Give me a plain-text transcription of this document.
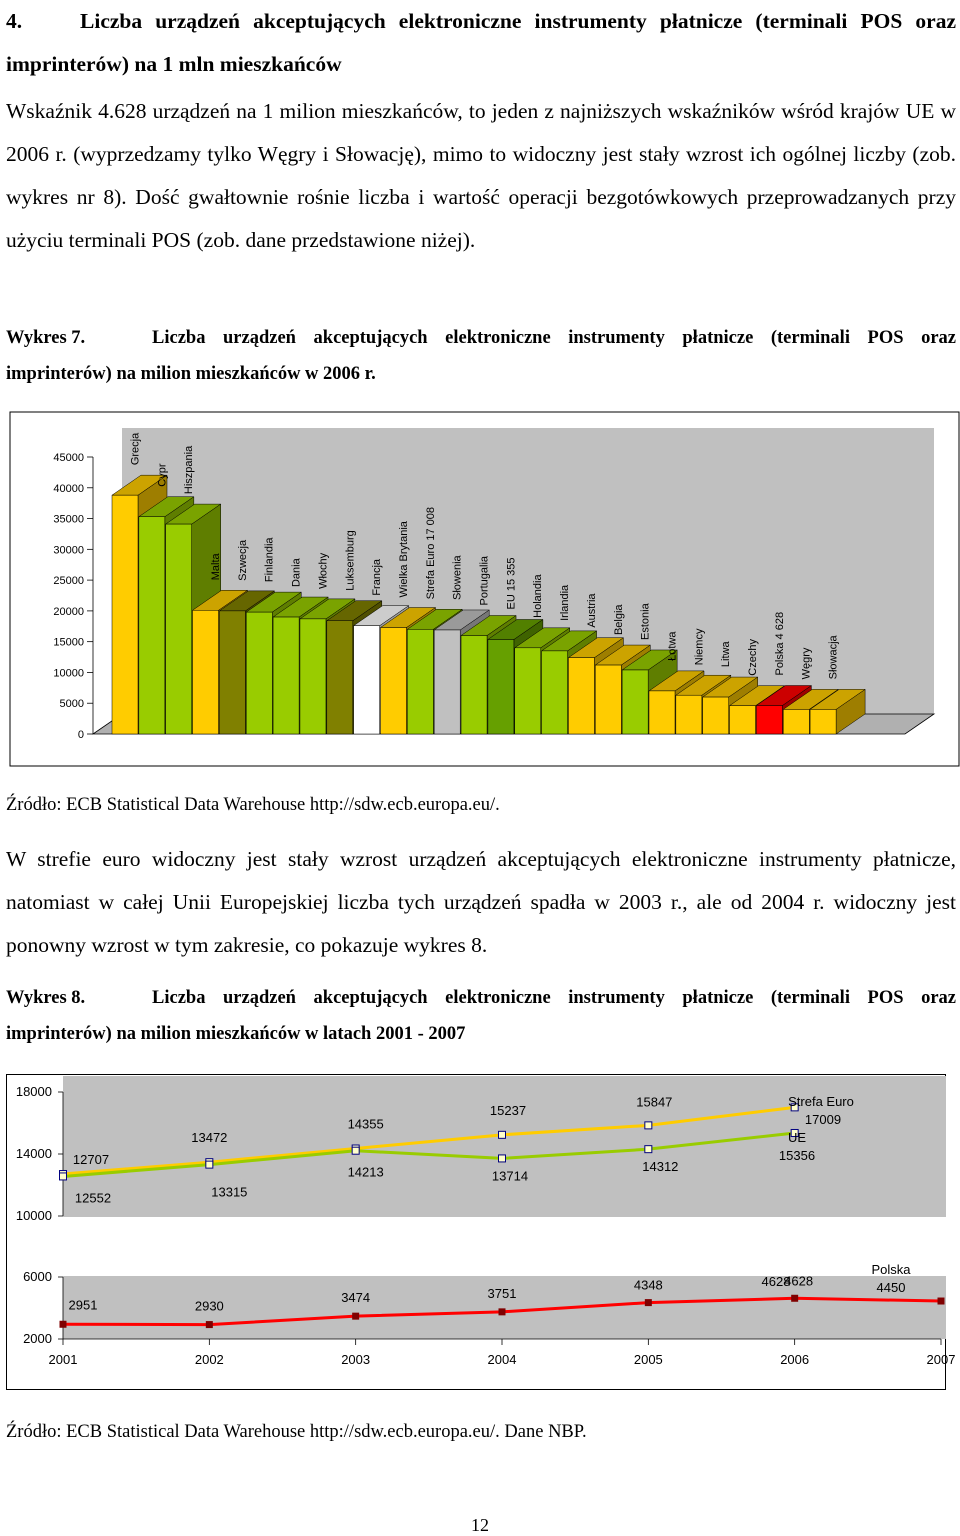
4.	Liczba urządzeń akceptujących elektroniczne instrumenty płatnicze (terminali POS oraz imprinterów) na 1 mln mieszkańców
Wskaźnik 4.628 urządzeń na 1 milion mieszkańców, to jeden z najniższych wskaźników wśród krajów UE w 2006 r. (wyprzedzamy tylko Węgry i Słowację), mimo to widoczny jest stały wzrost ich ogólnej liczby (zob. wykres nr 8). Dość gwałtownie rośnie liczba i wartość operacji bezgotówkowych przeprowadzanych przy użyciu terminali POS (zob. dane przedstawione niżej).
Wykres 7.	Liczba urządzeń akceptujących elektroniczne instrumenty płatnicze (terminali POS oraz imprinterów) na milion mieszkańców w 2006 r.
0
5000
10000
15000
20000
25000
30000
35000
40000
45000	Grecja
Cypr Hiszpania
Malta Szwecja Finlandia Dania Włochy Luksemburg Francja Wielka Brytania Strefa Euro 17 008 Słowenia Portugalia EU 15 355 Holandia Irlandia Austria Belgia Estonia
Łotwa Niemcy Litwa Czechy Polska 4 628 Węgry Słowacja
Źródło: ECB Statistical Data Warehouse http://sdw.ecb.europa.eu/.
W strefie euro widoczny jest stały wzrost urządzeń akceptujących elektroniczne instrumenty płatnicze, natomiast w całej Unii Europejskiej liczba tych urządzeń spadła w 2003 r., ale od 2004 r. widoczny jest ponowny wzrost w tym zakresie, co pokazuje wykres 8.
Wykres 8.	Liczba urządzeń akceptujących elektroniczne instrumenty płatnicze (terminali POS oraz imprinterów) na milion mieszkańców w latach 2001 - 2007
2000
6000
10000
14000
18000
2001	2002	2003	2004	2005	2006	2007
12707
13472
14355
15237
15847
12552	13315
14213	13714
14312
2951	2930
3474	3751
4348	4628
Strefa Euro
17009
UE
15356
Polska
4450
4628
Źródło: ECB Statistical Data Warehouse http://sdw.ecb.europa.eu/. Dane NBP.
12
